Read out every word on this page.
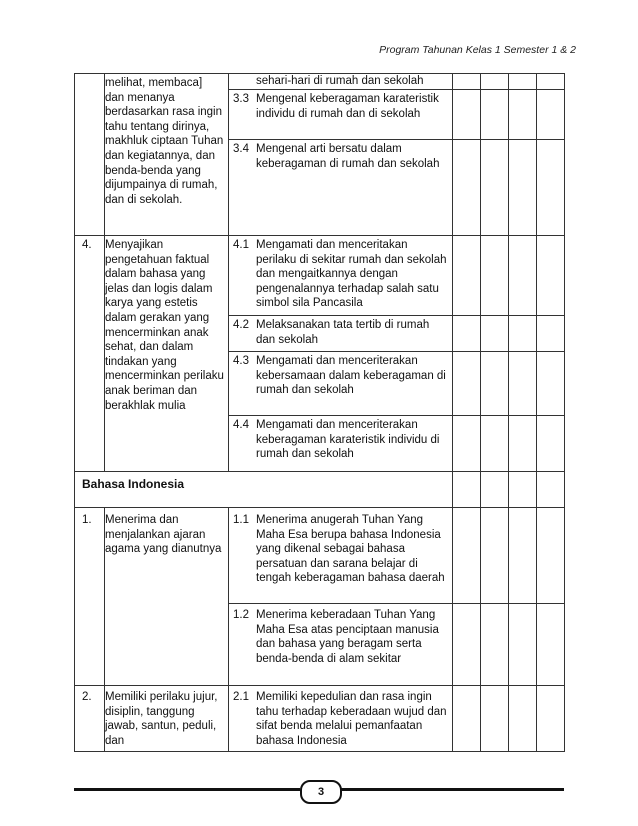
Program Tahunan Kelas 1 Semester 1 & 2
	melihat, membaca] dan menanya berdasarkan rasa ingin tahu tentang dirinya, makhluk ciptaan Tuhan dan kegiatannya, dan benda-benda yang dijumpainya di rumah, dan di sekolah.	sehari-hari di rumah dan sekolah				

		3.3 Mengenal keberagaman karateristik individu di rumah dan di sekolah				

		3.4 Mengenal arti bersatu dalam keberagaman di rumah dan sekolah				

4.	Menyajikan pengetahuan faktual dalam bahasa yang jelas dan logis dalam karya yang estetis dalam gerakan yang mencerminkan anak sehat, dan dalam tindakan yang mencerminkan perilaku anak beriman dan berakhlak mulia	4.1 Mengamati dan menceritakan perilaku di sekitar rumah dan sekolah dan mengaitkannya dengan pengenalannya terhadap salah satu simbol sila Pancasila				

		4.2 Melaksanakan tata tertib di rumah dan sekolah				

		4.3 Mengamati dan menceriterakan kebersamaan dalam keberagaman di rumah dan sekolah				

		4.4 Mengamati dan menceriterakan keberagaman karateristik individu di rumah dan sekolah				

Bahasa Indonesia						
1.	Menerima dan menjalankan ajaran agama yang dianutnya	1.1 Menerima anugerah Tuhan Yang Maha Esa berupa bahasa Indonesia yang dikenal sebagai bahasa persatuan dan sarana belajar di tengah keberagaman bahasa daerah				

		1.2 Menerima keberadaan Tuhan Yang Maha Esa atas penciptaan manusia dan bahasa yang beragam serta benda-benda di alam sekitar				

2.	Memiliki perilaku jujur, disiplin, tanggung jawab, santun, peduli, dan	2.1 Memiliki kepedulian dan rasa ingin tahu terhadap keberadaan wujud dan sifat benda melalui pemanfaatan bahasa Indonesia				

3
